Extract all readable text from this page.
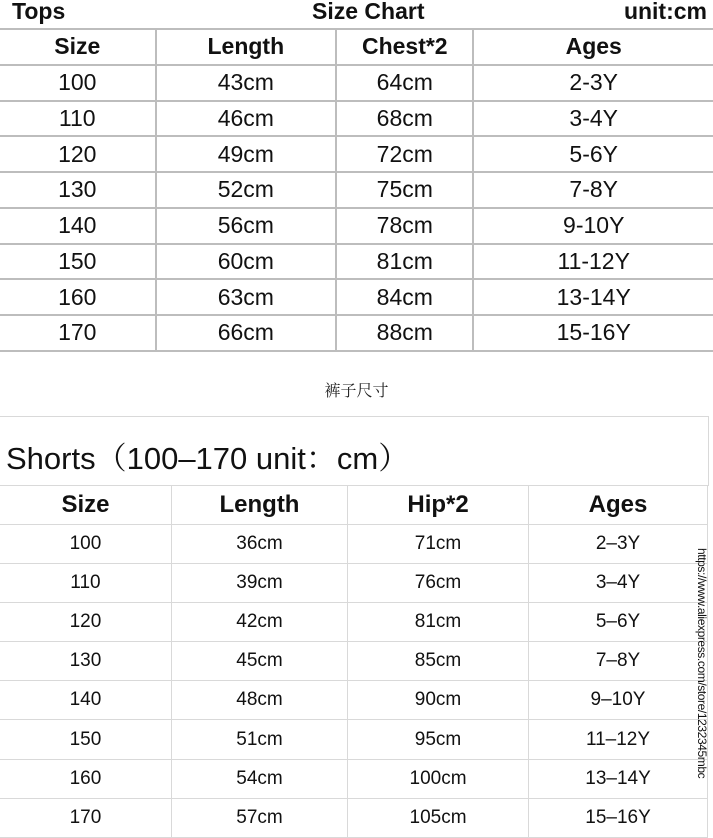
Tops	Size Chart	unit:cm
Size	Length	Chest*2	Ages
100	43cm	64cm	2-3Y
110	46cm	68cm	3-4Y
120	49cm	72cm	5-6Y
130	52cm	75cm	7-8Y
140	56cm	78cm	9-10Y
150	60cm	81cm	11-12Y
160	63cm	84cm	13-14Y
170	66cm	88cm	15-16Y
裤子尺寸
Shorts（100–170 unit：cm）
Size	Length	Hip*2	Ages
100	36cm	71cm	2–3Y
110	39cm	76cm	3–4Y
120	42cm	81cm	5–6Y
130	45cm	85cm	7–8Y
140	48cm	90cm	9–10Y
150	51cm	95cm	11–12Y
160	54cm	100cm	13–14Y
170	57cm	105cm	15–16Y
https://www.aliexpress.com/store/1232345mbc
